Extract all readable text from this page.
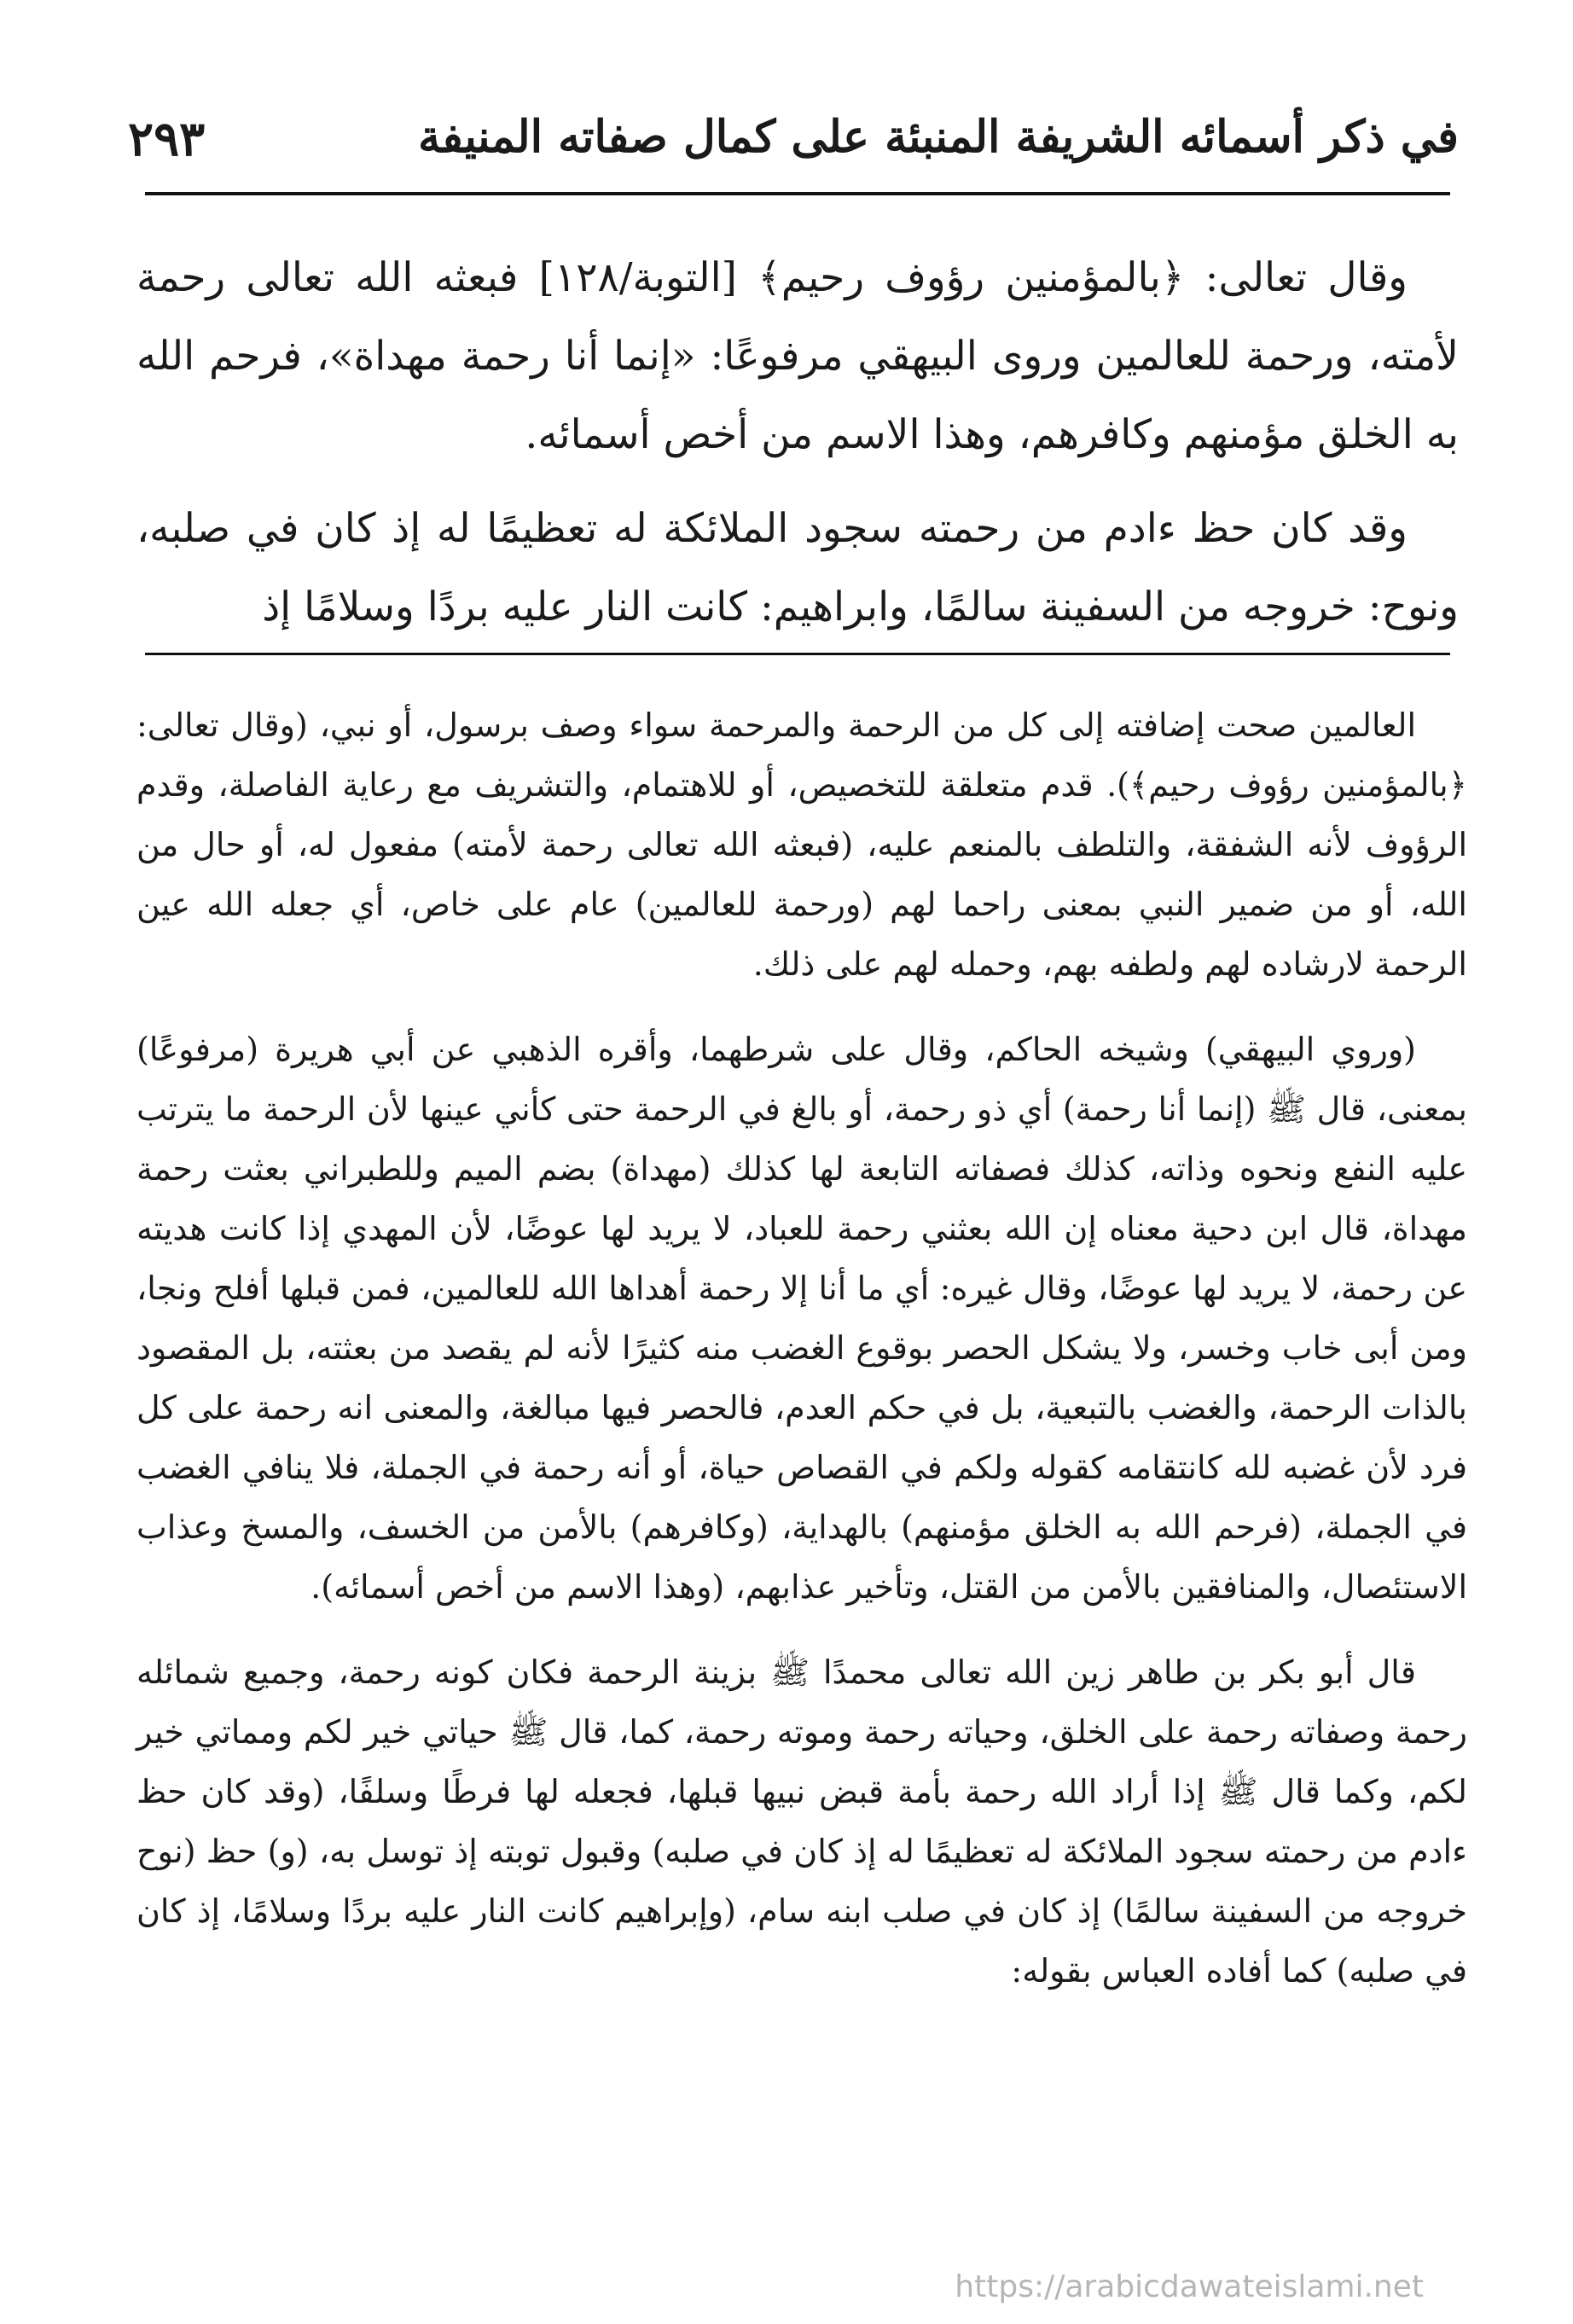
في ذكر أسمائه الشريفة المنبئة على كمال صفاته المنيفة
٢٩٣

وقال تعالى: ﴿بالمؤمنين رؤوف رحيم﴾ [التوبة/١٢٨] فبعثه الله تعالى رحمة لأمته، ورحمة للعالمين وروى البيهقي مرفوعًا: «إنما أنا رحمة مهداة»، فرحم الله به الخلق مؤمنهم وكافرهم، وهذا الاسم من أخص أسمائه.

وقد كان حظ ءادم من رحمته سجود الملائكة له تعظيمًا له إذ كان في صلبه، ونوح: خروجه من السفينة سالمًا، وابراهيم: كانت النار عليه بردًا وسلامًا إذ

العالمين صحت إضافته إلى كل من الرحمة والمرحمة سواء وصف برسول، أو نبي، (وقال تعالى: ﴿بالمؤمنين رؤوف رحيم﴾). قدم متعلقة للتخصيص، أو للاهتمام، والتشريف مع رعاية الفاصلة، وقدم الرؤوف لأنه الشفقة، والتلطف بالمنعم عليه، (فبعثه الله تعالى رحمة لأمته) مفعول له، أو حال من الله، أو من ضمير النبي بمعنى راحما لهم (ورحمة للعالمين) عام على خاص، أي جعله الله عين الرحمة لارشاده لهم ولطفه بهم، وحمله لهم على ذلك.

(وروي البيهقي) وشيخه الحاكم، وقال على شرطهما، وأقره الذهبي عن أبي هريرة (مرفوعًا) بمعنى، قال ﷺ (إنما أنا رحمة) أي ذو رحمة، أو بالغ في الرحمة حتى كأني عينها لأن الرحمة ما يترتب عليه النفع ونحوه وذاته، كذلك فصفاته التابعة لها كذلك (مهداة) بضم الميم وللطبراني بعثت رحمة مهداة، قال ابن دحية معناه إن الله بعثني رحمة للعباد، لا يريد لها عوضًا، لأن المهدي إذا كانت هديته عن رحمة، لا يريد لها عوضًا، وقال غيره: أي ما أنا إلا رحمة أهداها الله للعالمين، فمن قبلها أفلح ونجا، ومن أبى خاب وخسر، ولا يشكل الحصر بوقوع الغضب منه كثيرًا لأنه لم يقصد من بعثته، بل المقصود بالذات الرحمة، والغضب بالتبعية، بل في حكم العدم، فالحصر فيها مبالغة، والمعنى انه رحمة على كل فرد لأن غضبه لله كانتقامه كقوله ولكم في القصاص حياة، أو أنه رحمة في الجملة، فلا ينافي الغضب في الجملة، (فرحم الله به الخلق مؤمنهم) بالهداية، (وكافرهم) بالأمن من الخسف، والمسخ وعذاب الاستئصال، والمنافقين بالأمن من القتل، وتأخير عذابهم، (وهذا الاسم من أخص أسمائه).

قال أبو بكر بن طاهر زين الله تعالى محمدًا ﷺ بزينة الرحمة فكان كونه رحمة، وجميع شمائله رحمة وصفاته رحمة على الخلق، وحياته رحمة وموته رحمة، كما، قال ﷺ حياتي خير لكم ومماتي خير لكم، وكما قال ﷺ إذا أراد الله رحمة بأمة قبض نبيها قبلها، فجعله لها فرطًا وسلفًا، (وقد كان حظ ءادم من رحمته سجود الملائكة له تعظيمًا له إذ كان في صلبه) وقبول توبته إذ توسل به، (و) حظ (نوح خروجه من السفينة سالمًا) إذ كان في صلب ابنه سام، (وإبراهيم كانت النار عليه بردًا وسلامًا، إذ كان في صلبه) كما أفاده العباس بقوله:

https://arabicdawateislami.net
